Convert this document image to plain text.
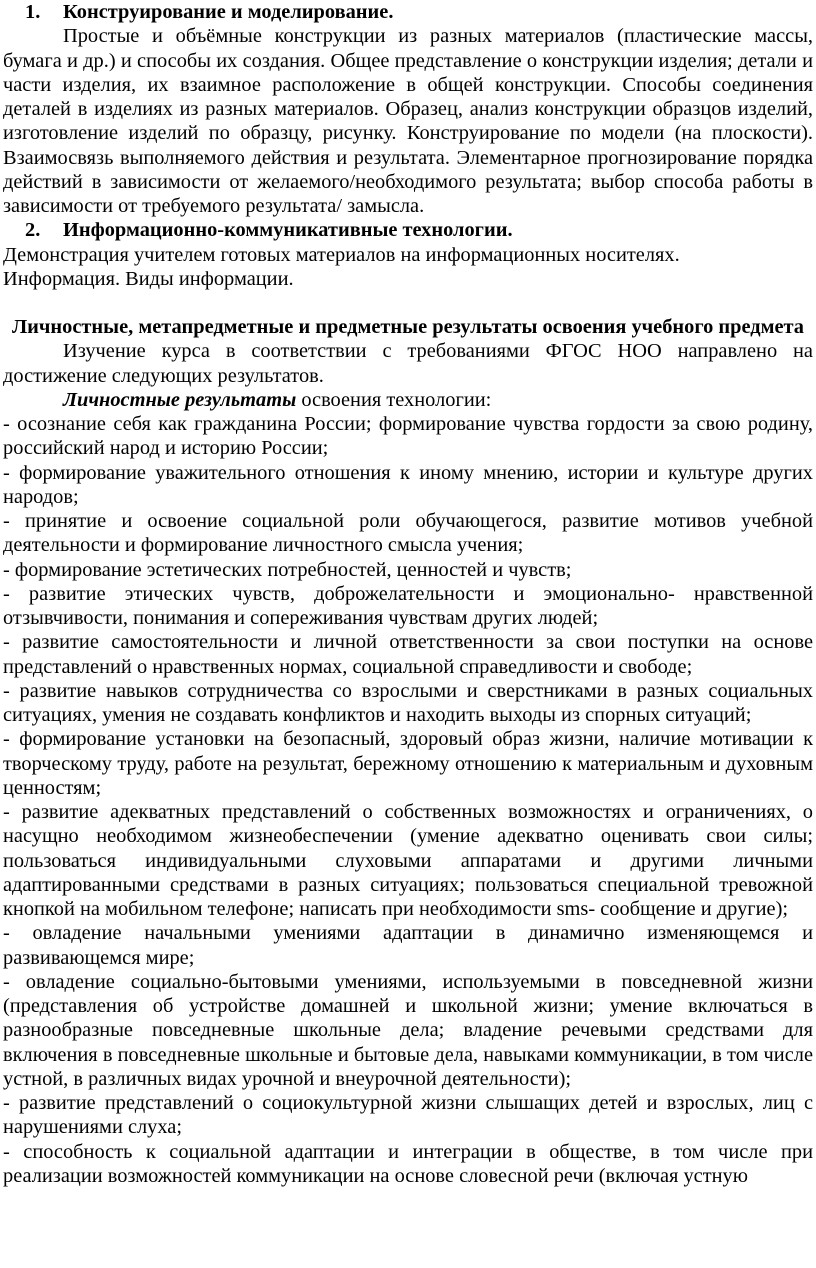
1. Конструирование и моделирование.

Простые и объёмные конструкции из разных материалов (пластические массы, бумага и др.) и способы их создания. Общее представление о конструкции изделия; детали и части изделия, их взаимное расположение в общей конструкции. Способы соединения деталей в изделиях из разных материалов. Образец, анализ конструкции образцов изделий, изготовление изделий по образцу, рисунку. Конструирование по модели (на плоскости). Взаимосвязь выполняемого действия и результата. Элементарное прогнозирование порядка действий в зависимости от желаемого/необходимого результата; выбор способа работы в зависимости от требуемого результата/ замысла.

2. Информационно-коммуникативные технологии.

Демонстрация учителем готовых материалов на информационных носителях.

Информация. Виды информации.

Личностные, метапредметные и предметные результаты освоения учебного предмета

Изучение курса в соответствии с требованиями ФГОС НОО направлено на достижение следующих результатов.

Личностные результаты освоения технологии:

- осознание себя как гражданина России; формирование чувства гордости за свою родину, российский народ и историю России;

- формирование уважительного отношения к иному мнению, истории и культуре других народов;

- принятие и освоение социальной роли обучающегося, развитие мотивов учебной деятельности и формирование личностного смысла учения;

- формирование эстетических потребностей, ценностей и чувств;

- развитие этических чувств, доброжелательности и эмоционально- нравственной отзывчивости, понимания и сопереживания чувствам других людей;

- развитие самостоятельности и личной ответственности за свои поступки на основе представлений о нравственных нормах, социальной справедливости и свободе;

- развитие навыков сотрудничества со взрослыми и сверстниками в разных социальных ситуациях, умения не создавать конфликтов и находить выходы из спорных ситуаций;

- формирование установки на безопасный, здоровый образ жизни, наличие мотивации к творческому труду, работе на результат, бережному отношению к материальным и духовным ценностям;

- развитие адекватных представлений о собственных возможностях и ограничениях, о насущно необходимом жизнеобеспечении (умение адекватно оценивать свои силы; пользоваться индивидуальными слуховыми аппаратами и другими личными адаптированными средствами в разных ситуациях; пользоваться специальной тревожной кнопкой на мобильном телефоне; написать при необходимости sms- сообщение и другие);

- овладение начальными умениями адаптации в динамично изменяющемся и развивающемся мире;

- овладение социально-бытовыми умениями, используемыми в повседневной жизни (представления об устройстве домашней и школьной жизни; умение включаться в разнообразные повседневные школьные дела; владение речевыми средствами для включения в повседневные школьные и бытовые дела, навыками коммуникации, в том числе устной, в различных видах урочной и внеурочной деятельности);

- развитие представлений о социокультурной жизни слышащих детей и взрослых, лиц с нарушениями слуха;

- способность к социальной адаптации и интеграции в обществе, в том числе при реализации возможностей коммуникации на основе словесной речи (включая устную
